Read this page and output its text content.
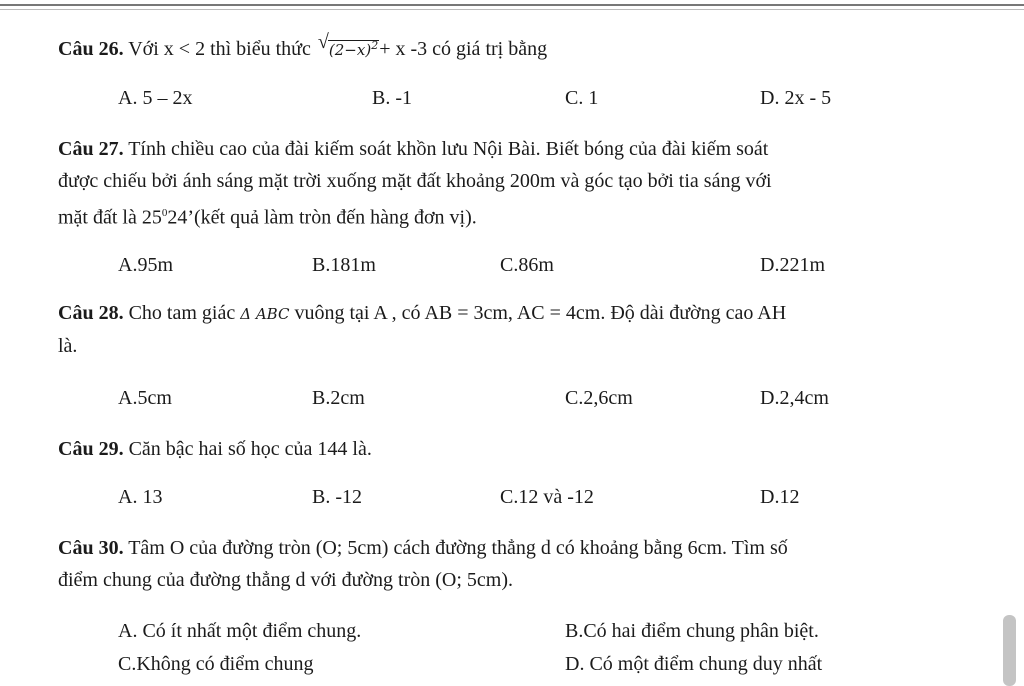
Câu 26. Với x < 2 thì biểu thức √ $(2-x)^2+ x$ -3 có giá trị bằng
A. 5 – 2x	B. -1	C. 1	D. 2x - 5
Câu 27. Tính chiều cao của đài kiếm soát khồn lưu Nội Bài. Biết bóng của đài kiếm soát
được chiếu bởi ánh sáng mặt trời xuống mặt đất khoảng 200m và góc tạo bởi tia sáng với
mặt đất là $25^024’(kết$ quả làm tròn đến hàng đơn vị).
A.95m	B.181m	C.86m	D.221m
Câu 28. Cho tam giác Δ ABC vuông tại A , có AB = 3cm, AC = 4cm. Độ dài đường cao AH
là.
A.5cm	B.2cm	C.2,6cm	D.2,4cm
Câu 29. Căn bậc hai số học của 144 là.
A. 13	B. -12	C.12 và -12	D.12
Câu 30. Tâm O của đường tròn (O; 5cm) cách đường thẳng d có khoảng bằng 6cm. Tìm số
điểm chung của đường thẳng d với đường tròn (O; 5cm).
A. Có ít nhất một điểm chung.	B.Có hai điểm chung phân biệt.
C.Không có điểm chung	D. Có một điểm chung duy nhất
